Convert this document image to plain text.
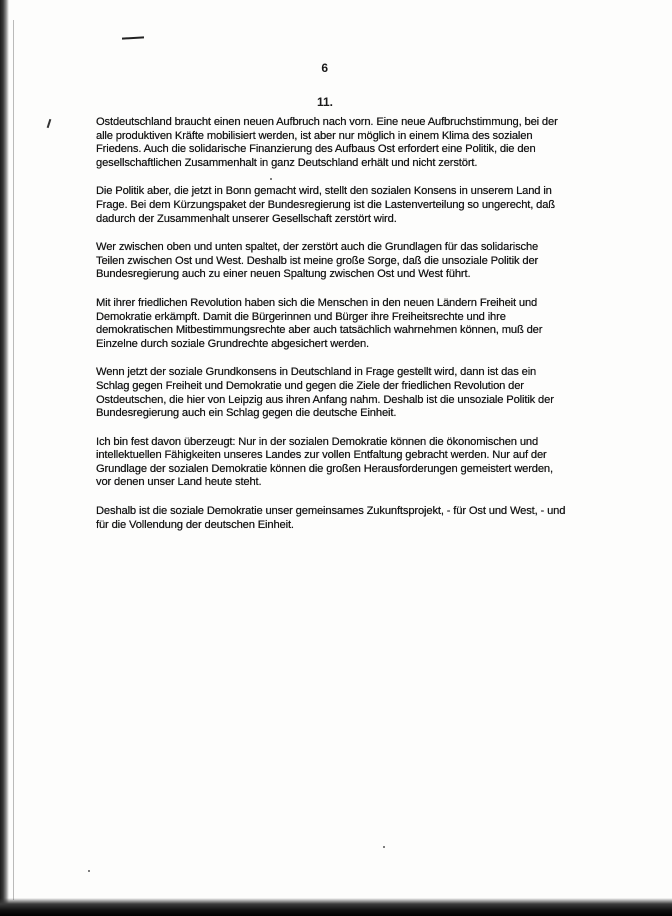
6
11.

Ostdeutschland braucht einen neuen Aufbruch nach vorn. Eine neue Aufbruchstimmung, bei der alle produktiven Kräfte mobilisiert werden, ist aber nur möglich in einem Klima des sozialen Friedens. Auch die solidarische Finanzierung des Aufbaus Ost erfordert eine Politik, die den gesellschaftlichen Zusammenhalt in ganz Deutschland erhält und nicht zerstört.

Die Politik aber, die jetzt in Bonn gemacht wird, stellt den sozialen Konsens in unserem Land in Frage. Bei dem Kürzungspaket der Bundesregierung ist die Lastenverteilung so ungerecht, daß dadurch der Zusammenhalt unserer Gesellschaft zerstört wird.

Wer zwischen oben und unten spaltet, der zerstört auch die Grundlagen für das solidarische Teilen zwischen Ost und West. Deshalb ist meine große Sorge, daß die unsoziale Politik der Bundesregierung auch zu einer neuen Spaltung zwischen Ost und West führt.

Mit ihrer friedlichen Revolution haben sich die Menschen in den neuen Ländern Freiheit und Demokratie erkämpft. Damit die Bürgerinnen und Bürger ihre Freiheitsrechte und ihre demokratischen Mitbestimmungsrechte aber auch tatsächlich wahrnehmen können, muß der Einzelne durch soziale Grundrechte abgesichert werden.

Wenn jetzt der soziale Grundkonsens in Deutschland in Frage gestellt wird, dann ist das ein Schlag gegen Freiheit und Demokratie und gegen die Ziele der friedlichen Revolution der Ostdeutschen, die hier von Leipzig aus ihren Anfang nahm. Deshalb ist die unsoziale Politik der Bundesregierung auch ein Schlag gegen die deutsche Einheit.

Ich bin fest davon überzeugt: Nur in der sozialen Demokratie können die ökonomischen und intellektuellen Fähigkeiten unseres Landes zur vollen Entfaltung gebracht werden. Nur auf der Grundlage der sozialen Demokratie können die großen Herausforderungen gemeistert werden, vor denen unser Land heute steht.

Deshalb ist die soziale Demokratie unser gemeinsames Zukunftsprojekt, - für Ost und West, - und für die Vollendung der deutschen Einheit.
